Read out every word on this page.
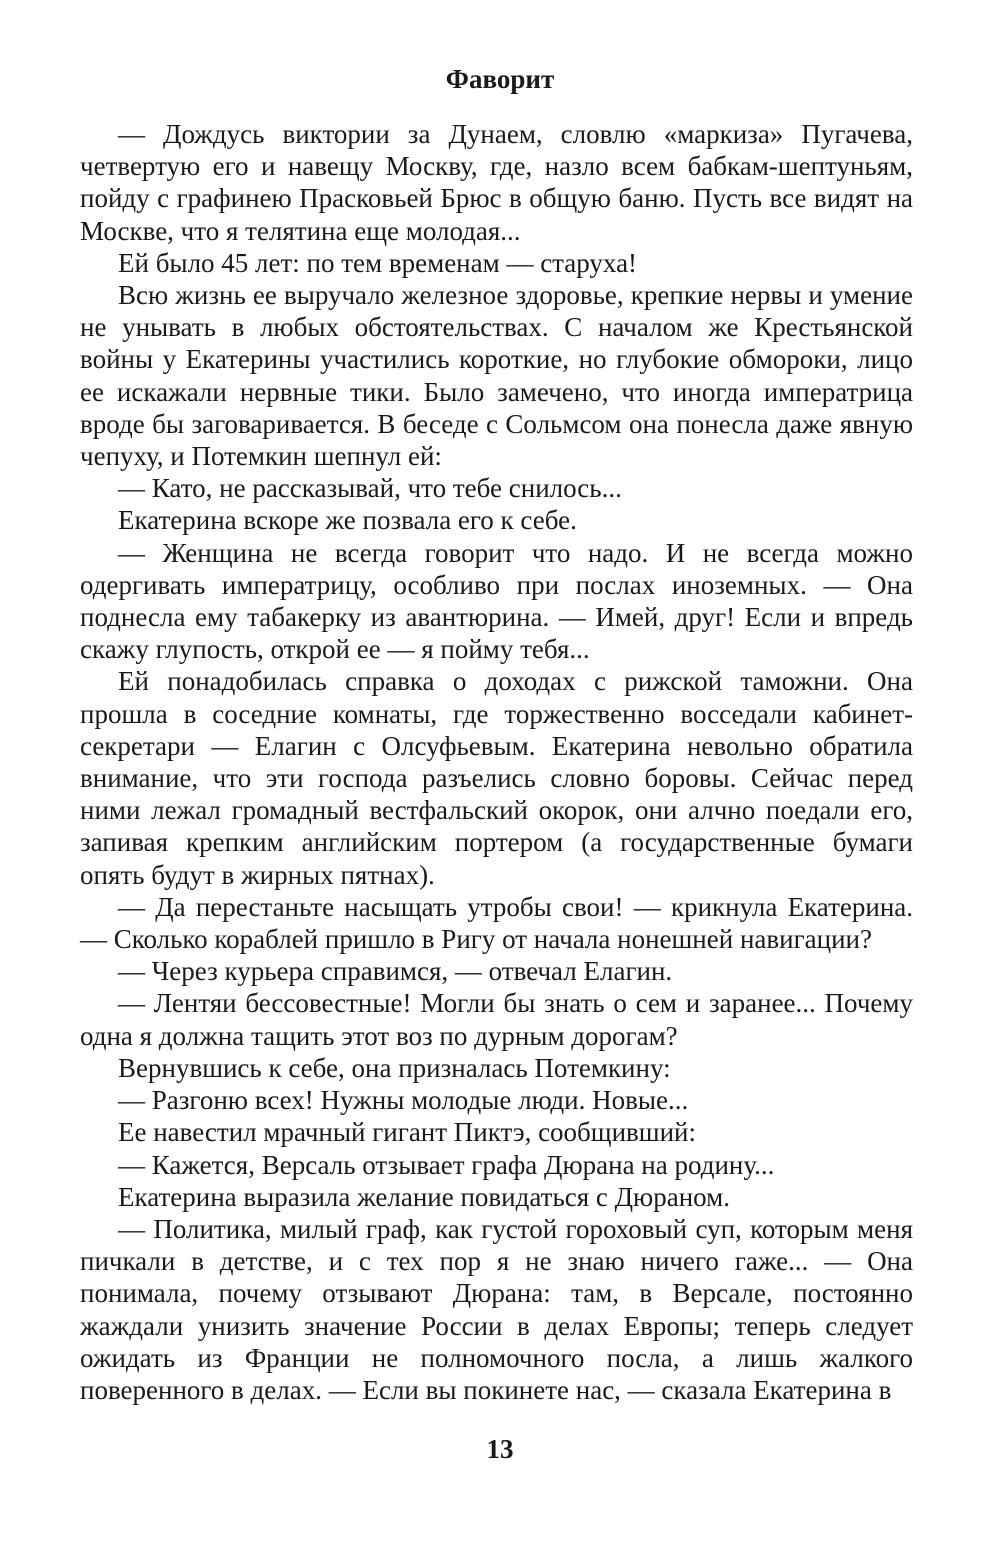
Фаворит

— Дождусь виктории за Дунаем, словлю «маркиза» Пугачева, четвертую его и навещу Москву, где, назло всем бабкам-шептуньям, пойду с графинею Прасковьей Брюс в общую баню. Пусть все видят на Москве, что я телятина еще молодая...

Ей было 45 лет: по тем временам — старуха!

Всю жизнь ее выручало железное здоровье, крепкие нервы и умение не унывать в любых обстоятельствах. С началом же Крестьянской войны у Екатерины участились короткие, но глубокие обмороки, лицо ее искажали нервные тики. Было замечено, что иногда императрица вроде бы заговаривается. В беседе с Сольмсом она понесла даже явную чепуху, и Потемкин шепнул ей:

— Като, не рассказывай, что тебе снилось...

Екатерина вскоре же позвала его к себе.

— Женщина не всегда говорит что надо. И не всегда можно одергивать императрицу, особливо при послах иноземных. — Она поднесла ему табакерку из авантюрина. — Имей, друг! Если и впредь скажу глупость, открой ее — я пойму тебя...

Ей понадобилась справка о доходах с рижской таможни. Она прошла в соседние комнаты, где торжественно восседали кабинет-секретари — Елагин с Олсуфьевым. Екатерина невольно обратила внимание, что эти господа разъелись словно боровы. Сейчас перед ними лежал громадный вестфальский окорок, они алчно поедали его, запивая крепким английским портером (а государственные бумаги опять будут в жирных пятнах).

— Да перестаньте насыщать утробы свои! — крикнула Екатерина. — Сколько кораблей пришло в Ригу от начала нонешней навигации?

— Через курьера справимся, — отвечал Елагин.

— Лентяи бессовестные! Могли бы знать о сем и заранее... Почему одна я должна тащить этот воз по дурным дорогам?

Вернувшись к себе, она призналась Потемкину:

— Разгоню всех! Нужны молодые люди. Новые...

Ее навестил мрачный гигант Пиктэ, сообщивший:

— Кажется, Версаль отзывает графа Дюрана на родину...

Екатерина выразила желание повидаться с Дюраном.

— Политика, милый граф, как густой гороховый суп, которым меня пичкали в детстве, и с тех пор я не знаю ничего гаже... — Она понимала, почему отзывают Дюрана: там, в Версале, постоянно жаждали унизить значение России в делах Европы; теперь следует ожидать из Франции не полномочного посла, а лишь жалкого поверенного в делах. — Если вы покинете нас, — сказала Екатерина в

13
